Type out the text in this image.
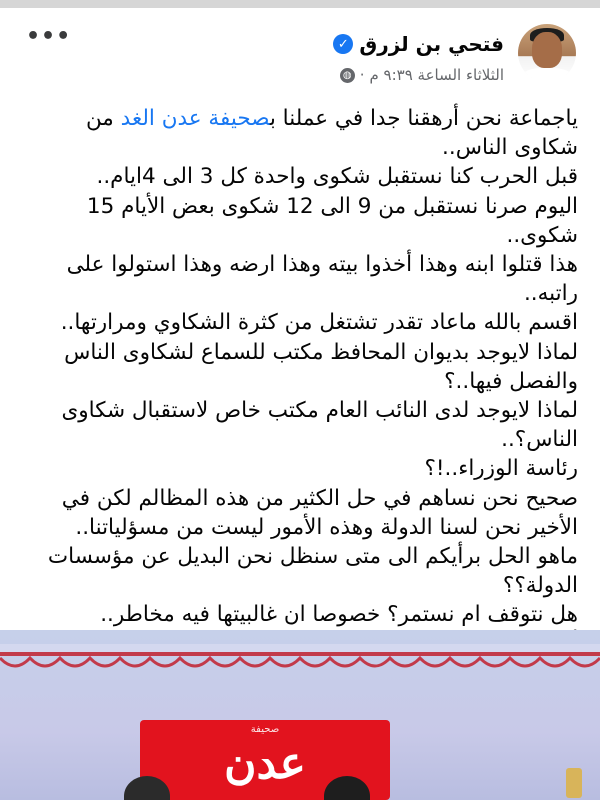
•••	فتحي بن لزرق
✓
الثلاثاء الساعة ٩:٣٩ م
·
◍

ياجماعة نحن أرهقنا جدا في عملنا بصحيفة عدن الغد من شكاوى الناس..

قبل الحرب كنا نستقبل شكوى واحدة كل 3 الى 4ايام..

اليوم صرنا نستقبل من 9 الى 12 شكوى بعض الأيام 15 شكوى..

هذا قتلوا ابنه وهذا أخذوا بيته وهذا ارضه وهذا استولوا على راتبه..

اقسم بالله ماعاد تقدر تشتغل من كثرة الشكاوي ومرارتها..

لماذا لايوجد بديوان المحافظ مكتب للسماع لشكاوى الناس والفصل فيها..؟

لماذا لايوجد لدى النائب العام مكتب خاص لاستقبال شكاوى الناس؟..

رئاسة الوزراء..!؟

صحيح نحن نساهم في حل الكثير من هذه المظالم لكن في الأخير نحن لسنا الدولة وهذه الأمور ليست من مسؤلياتنا..

ماهو الحل برأيكم الى متى سنظل نحن البديل عن مؤسسات الدولة؟؟

هل نتوقف ام نستمر؟ خصوصا ان غالبيتها فيه مخاطر..

صحيفة
عدن
